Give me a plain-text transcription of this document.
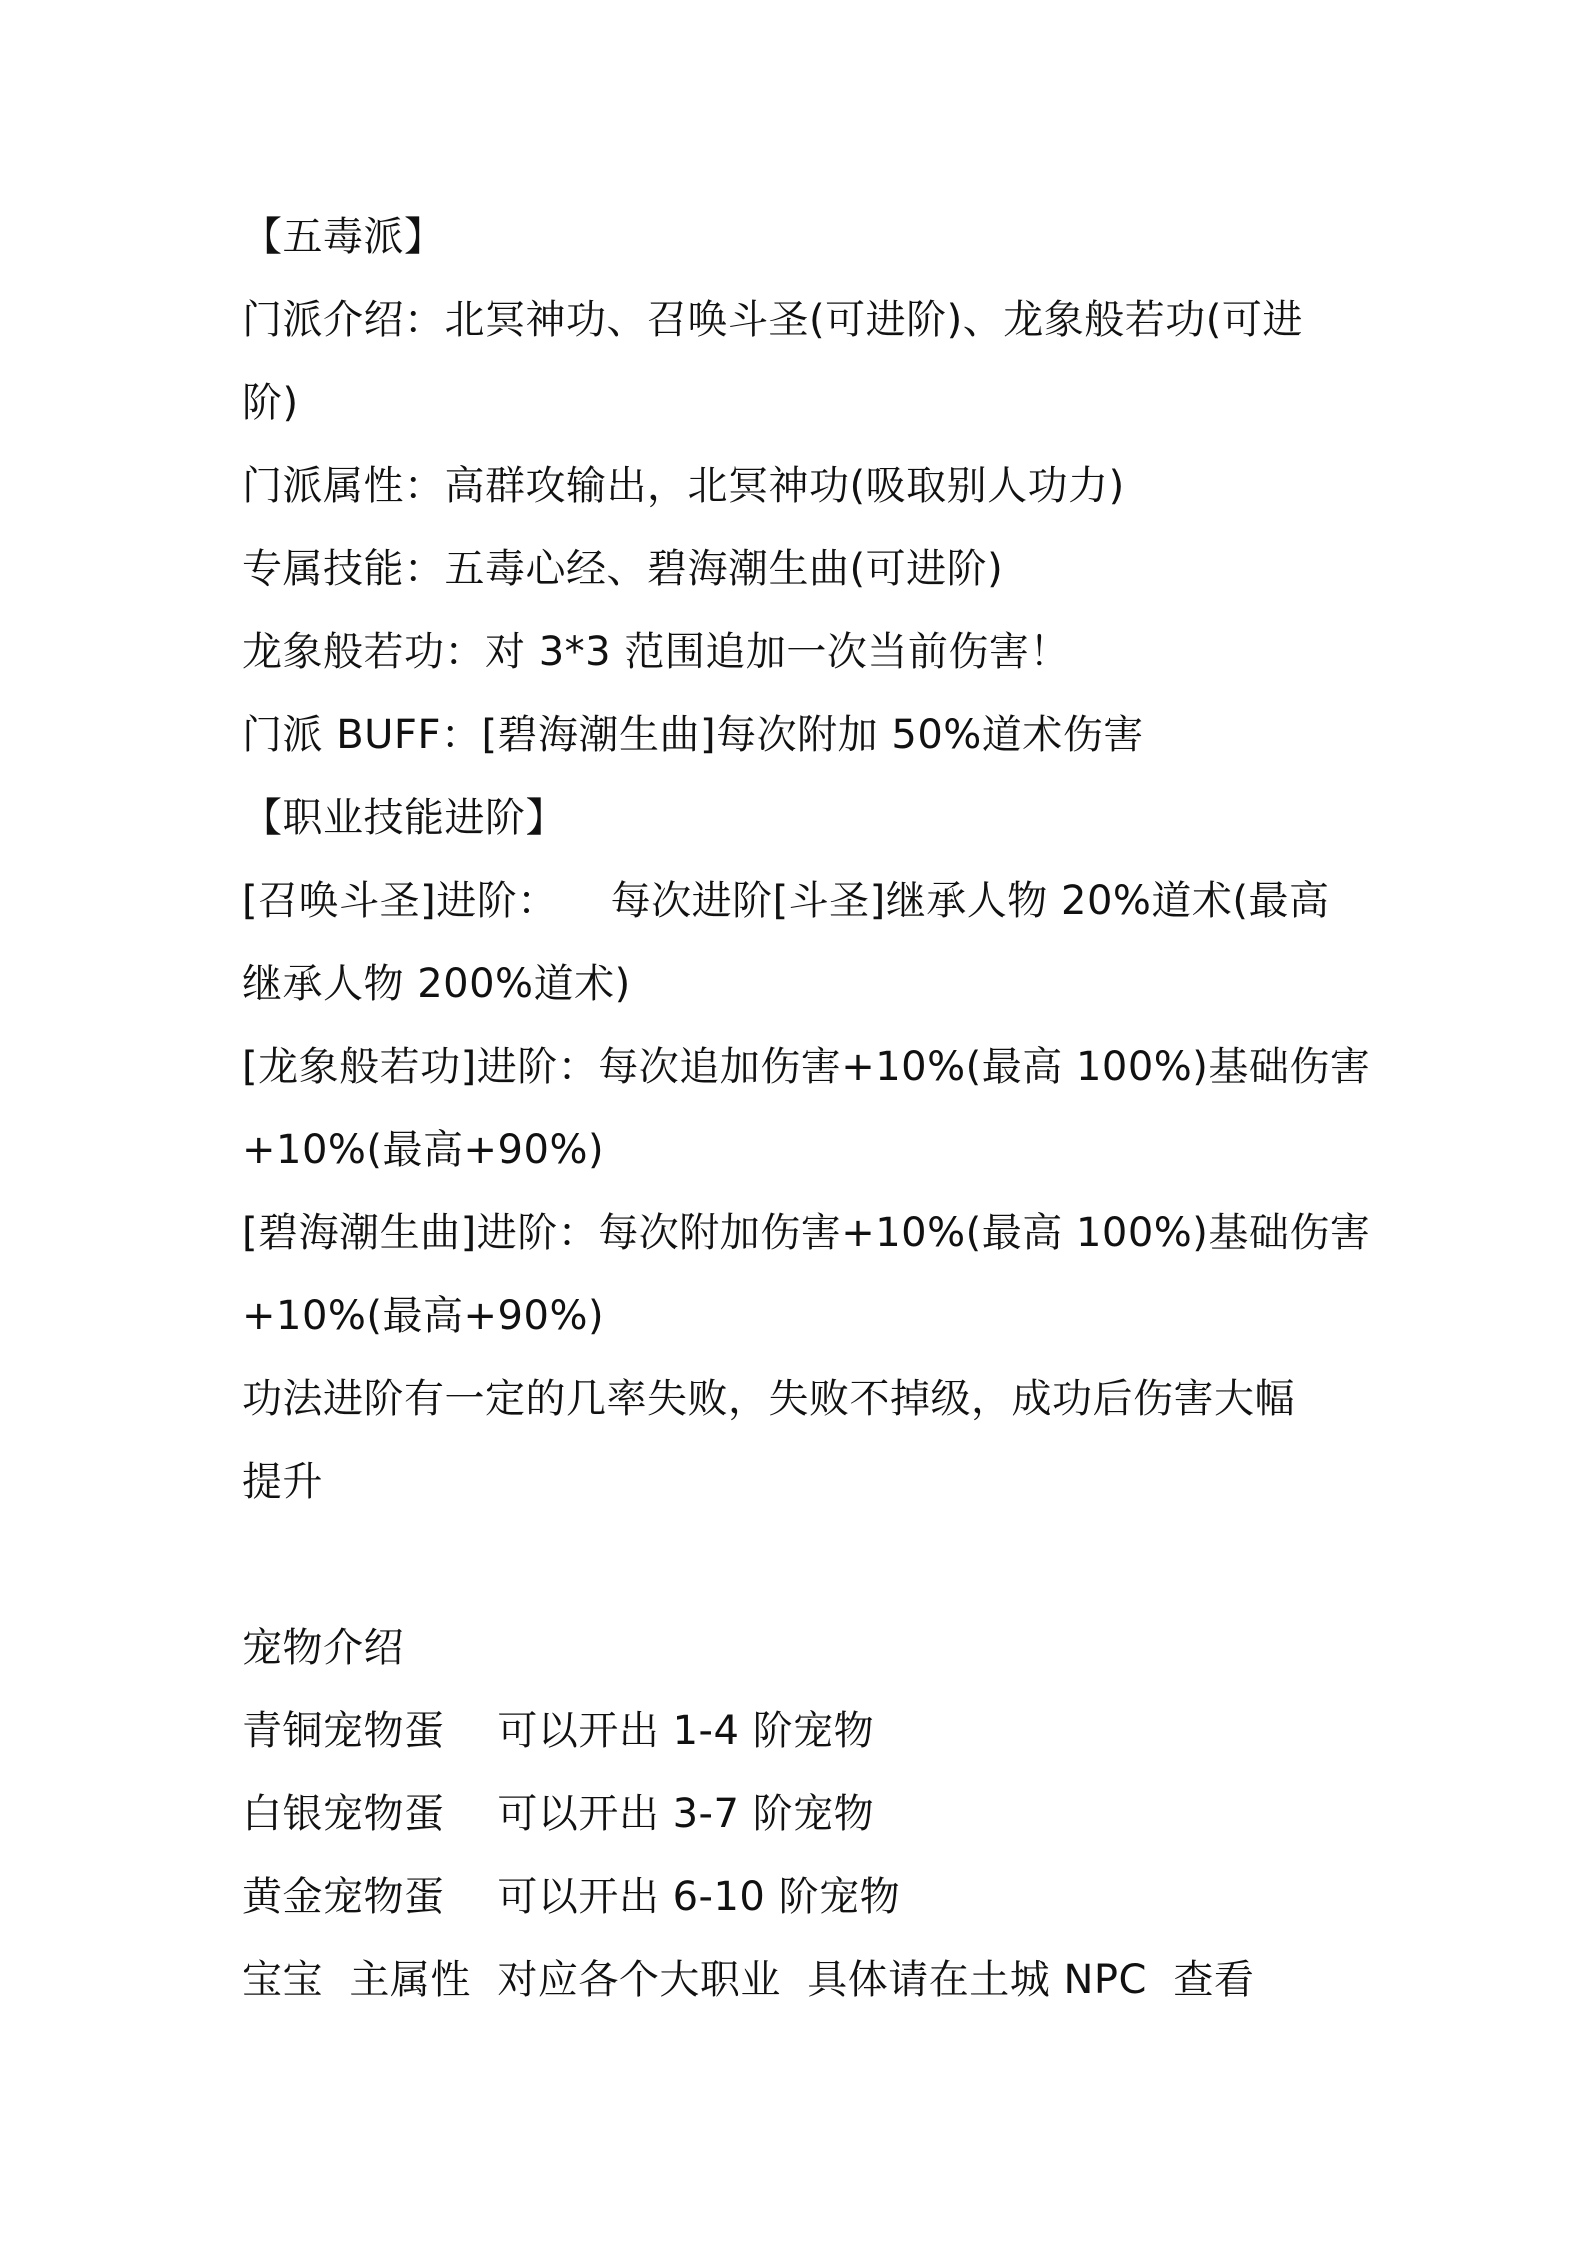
【五毒派】
门派介绍：北冥神功、召唤斗圣(可进阶)、龙象般若功(可进
阶)
门派属性：高群攻输出，北冥神功(吸取别人功力)
专属技能：五毒心经、碧海潮生曲(可进阶)
龙象般若功：对 3*3 范围追加一次当前伤害！
门派 BUFF：[碧海潮生曲]每次附加 50%道术伤害
【职业技能进阶】
[召唤斗圣]进阶：    每次进阶[斗圣]继承人物 20%道术(最高
继承人物 200%道术)
[龙象般若功]进阶：每次追加伤害+10%(最高 100%)基础伤害
+10%(最高+90%)
[碧海潮生曲]进阶：每次附加伤害+10%(最高 100%)基础伤害
+10%(最高+90%)
功法进阶有一定的几率失败，失败不掉级，成功后伤害大幅
提升
宠物介绍
青铜宠物蛋    可以开出 1-4 阶宠物
白银宠物蛋    可以开出 3-7 阶宠物
黄金宠物蛋    可以开出 6-10 阶宠物
宝宝  主属性  对应各个大职业  具体请在土城 NPC  查看
